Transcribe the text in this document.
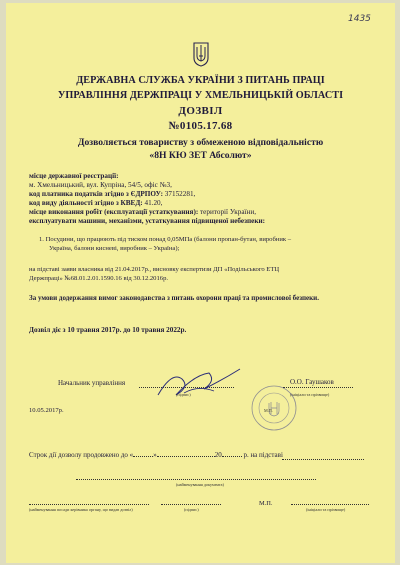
1435
ДЕРЖАВНА СЛУЖБА УКРАЇНИ З ПИТАНЬ ПРАЦІ
УПРАВЛІННЯ ДЕРЖПРАЦІ У ХМЕЛЬНИЦЬКІЙ ОБЛАСТІ
ДОЗВІЛ
№0105.17.68
Дозволяється товариству з обмеженою відповідальністю
«8Н КЮ ЗЕТ Абсолют»
місце державної реєстрації:
м. Хмельницький, вул. Купріна, 54/5, офіс №3,
код платника податків згідно з ЄДРПОУ: 37152281,
код виду діяльності згідно з КВЕД: 41.20,
місце виконання робіт (експлуатації устаткування): території України,
експлуатувати машини, механізми, устаткування підвищеної небезпеки:
1. Посудини, що працюють під тиском понад 0,05МПа (балони пропан-бутан, виробник –
Україна, балони кисневі, виробник – Україна);
на підставі заяви власника від 21.04.2017р., висновку експертизи ДП «Подільського ЕТЦ
Держпраці» №68.01.2.01.1590.16 від 30.12.2016р.
За умови додержання вимог законодавства з питань охорони праці та промислової безпеки.
Дозвіл діє з 10 травня 2017р. до 10 травня 2022р.
Начальник управління
(підпис)
О.О. Гаушаков
(ініціали та прізвище)
М.П.
10.05.2017р.
Строк дії дозволу продовжено до «	»	20	р. на підставі
(найменування документа)
(найменування посади керівника органу, що видав дозвіл)	(підпис)
М.П.
(ініціали та прізвище)
